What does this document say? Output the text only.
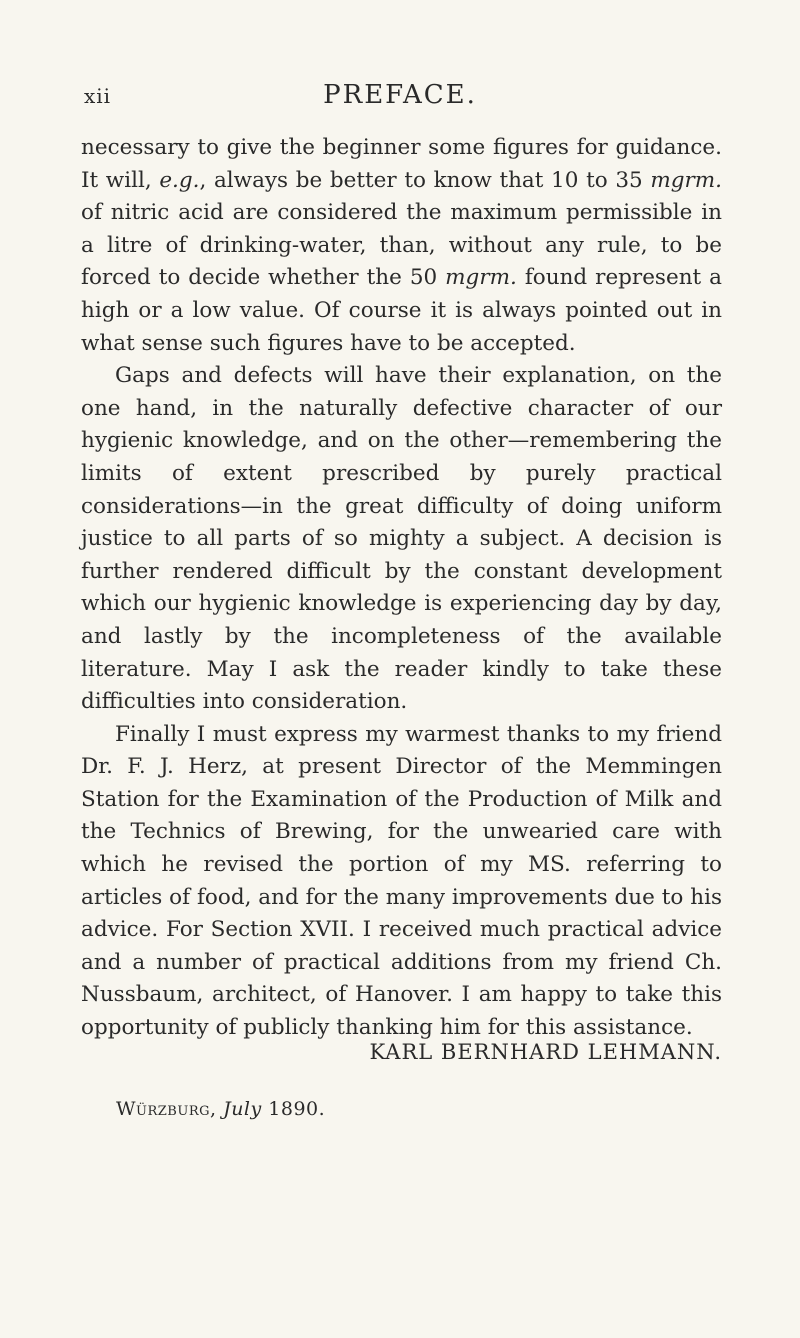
xii	PREFACE.

necessary to give the beginner some figures for guidance. It will, e.g., always be better to know that 10 to 35 mgrm. of nitric acid are considered the maximum permissible in a litre of drinking-water, than, without any rule, to be forced to decide whether the 50 mgrm. found represent a high or a low value. Of course it is always pointed out in what sense such figures have to be accepted.

Gaps and defects will have their explanation, on the one hand, in the naturally defective character of our hygienic knowledge, and on the other—remembering the limits of extent prescribed by purely practical considerations—in the great difficulty of doing uniform justice to all parts of so mighty a subject. A decision is further rendered difficult by the constant development which our hygienic knowledge is experiencing day by day, and lastly by the incompleteness of the available literature. May I ask the reader kindly to take these difficulties into consideration.

Finally I must express my warmest thanks to my friend Dr. F. J. Herz, at present Director of the Memmingen Station for the Examination of the Production of Milk and the Technics of Brewing, for the unwearied care with which he revised the portion of my MS. referring to articles of food, and for the many improvements due to his advice. For Section XVII. I received much practical advice and a number of practical additions from my friend Ch. Nussbaum, architect, of Hanover. I am happy to take this opportunity of publicly thanking him for this assistance.

KARL BERNHARD LEHMANN.
Würzburg, July 1890.
